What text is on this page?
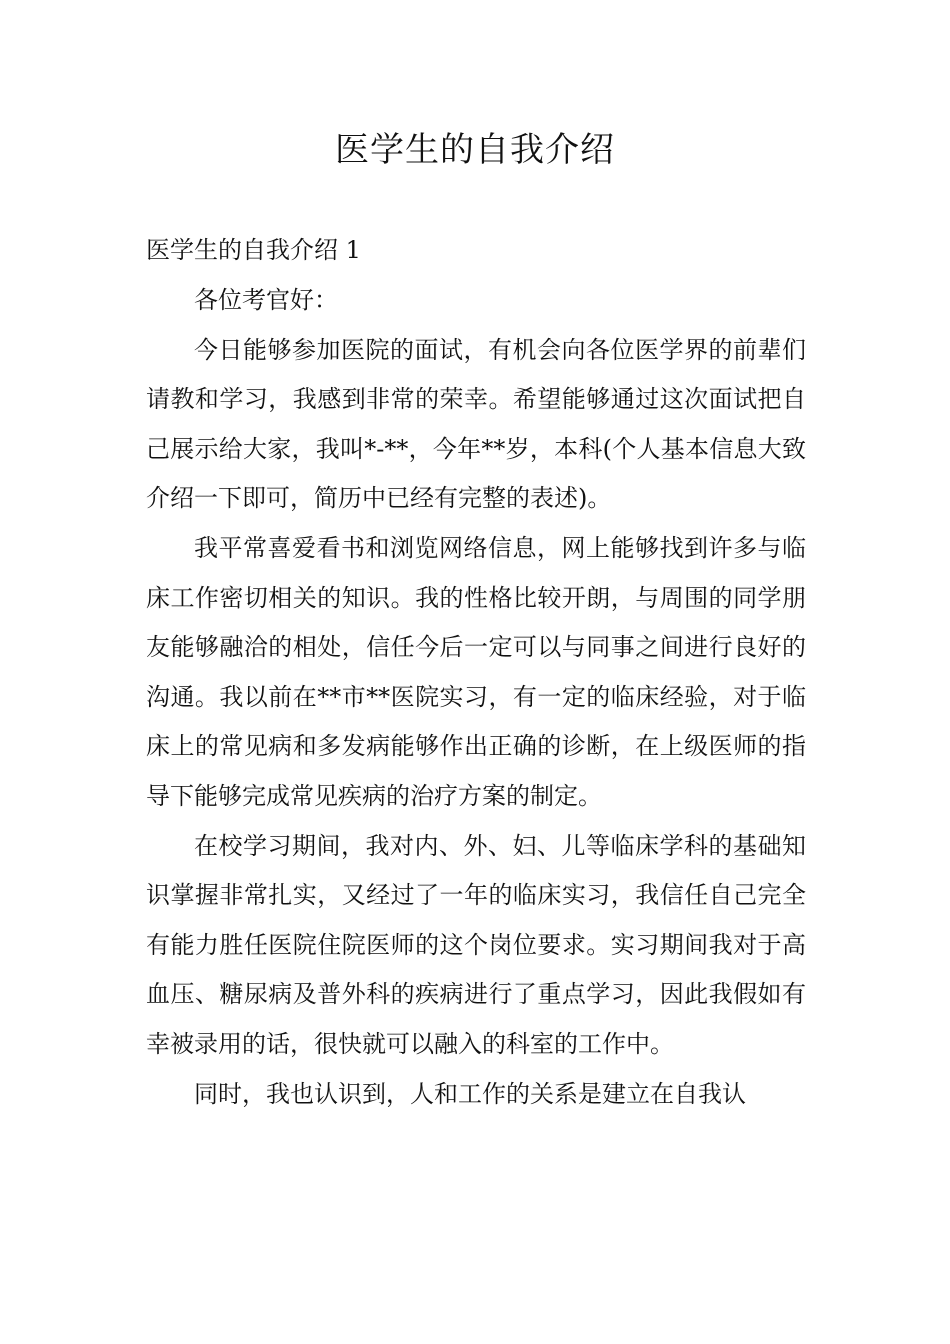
医学生的自我介绍
医学生的自我介绍 1

各位考官好：

今日能够参加医院的面试，有机会向各位医学界的前辈们请教和学习，我感到非常的荣幸。希望能够通过这次面试把自己展示给大家，我叫*-**，今年**岁，本科(个人基本信息大致介绍一下即可，简历中已经有完整的表述)。

我平常喜爱看书和浏览网络信息，网上能够找到许多与临床工作密切相关的知识。我的性格比较开朗，与周围的同学朋友能够融洽的相处，信任今后一定可以与同事之间进行良好的沟通。我以前在**市**医院实习，有一定的临床经验，对于临床上的常见病和多发病能够作出正确的诊断，在上级医师的指导下能够完成常见疾病的治疗方案的制定。

在校学习期间，我对内、外、妇、儿等临床学科的基础知识掌握非常扎实，又经过了一年的临床实习，我信任自己完全有能力胜任医院住院医师的这个岗位要求。实习期间我对于高血压、糖尿病及普外科的疾病进行了重点学习，因此我假如有幸被录用的话，很快就可以融入的科室的工作中。

同时，我也认识到，人和工作的关系是建立在自我认
